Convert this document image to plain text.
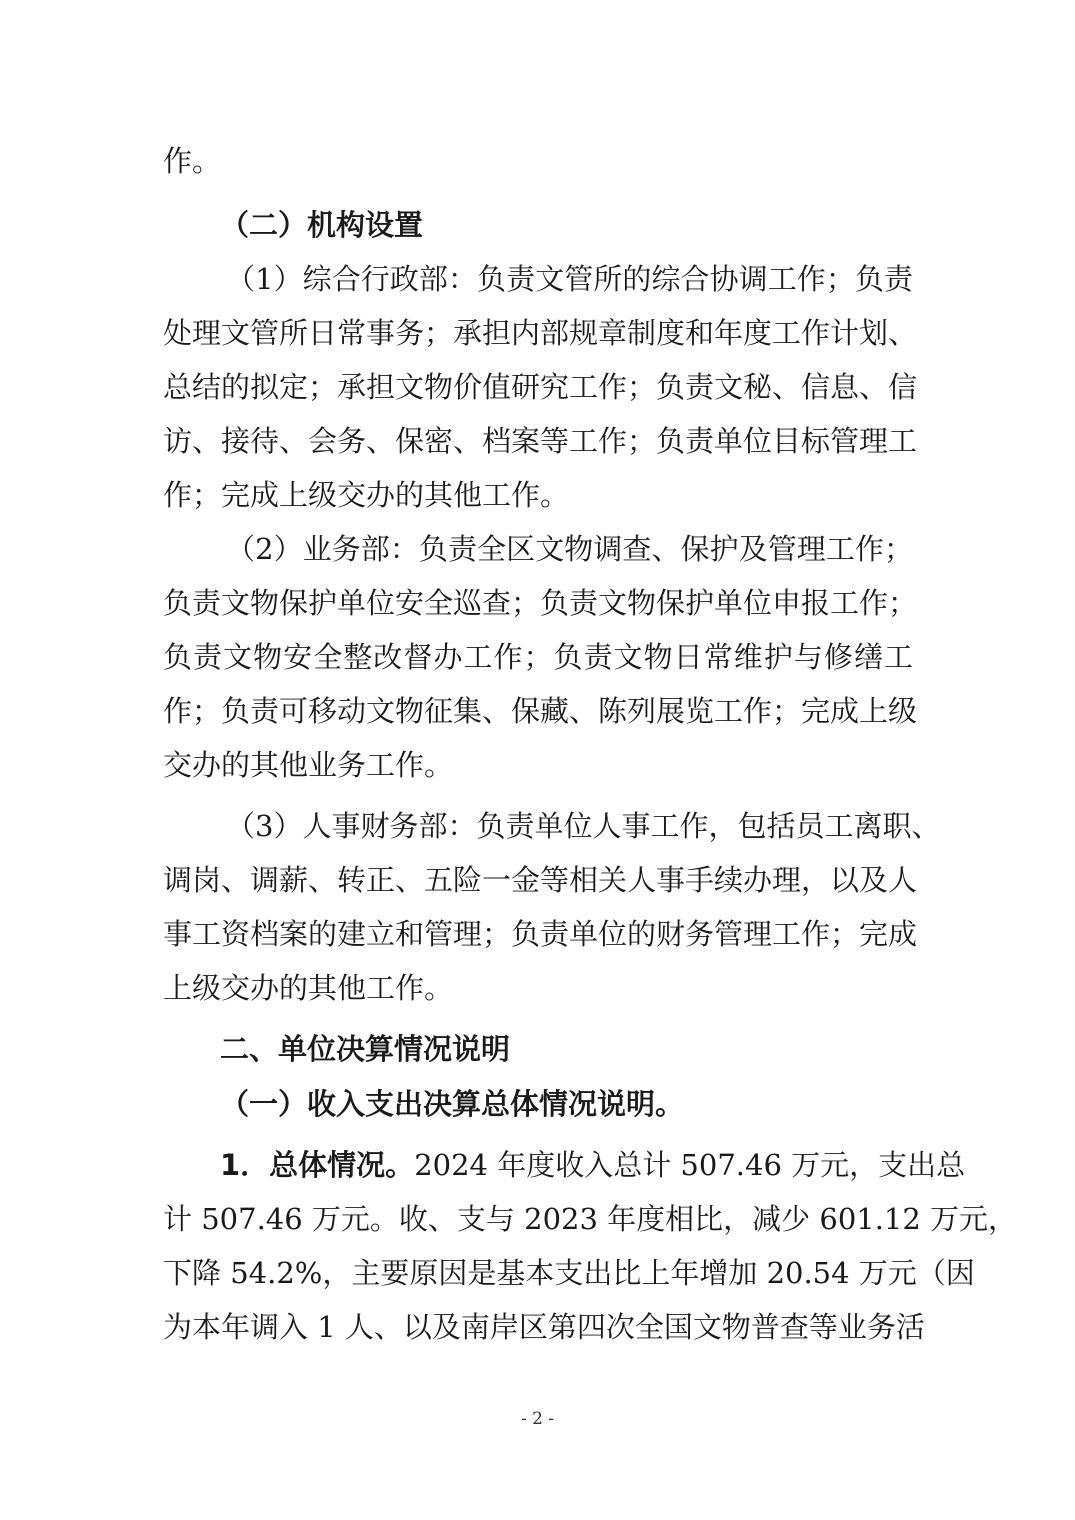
作。
（二）机构设置
（1）综合行政部：负责文管所的综合协调工作；负责
处理文管所日常事务；承担内部规章制度和年度工作计划、
总结的拟定；承担文物价值研究工作；负责文秘、信息、信
访、接待、会务、保密、档案等工作；负责单位目标管理工
作；完成上级交办的其他工作。
（2）业务部：负责全区文物调查、保护及管理工作；
负责文物保护单位安全巡查；负责文物保护单位申报工作；
负责文物安全整改督办工作；负责文物日常维护与修缮工
作；负责可移动文物征集、保藏、陈列展览工作；完成上级
交办的其他业务工作。
（3）人事财务部：负责单位人事工作，包括员工离职、
调岗、调薪、转正、五险一金等相关人事手续办理，以及人
事工资档案的建立和管理；负责单位的财务管理工作；完成
上级交办的其他工作。
二、单位决算情况说明
（一）收入支出决算总体情况说明。
1．总体情况。2024 年度收入总计 507.46 万元，支出总
计 507.46 万元。收、支与 2023 年度相比，减少 601.12 万元，
下降 54.2%，主要原因是基本支出比上年增加 20.54 万元（因
为本年调入 1 人、以及南岸区第四次全国文物普查等业务活
- 2 -
